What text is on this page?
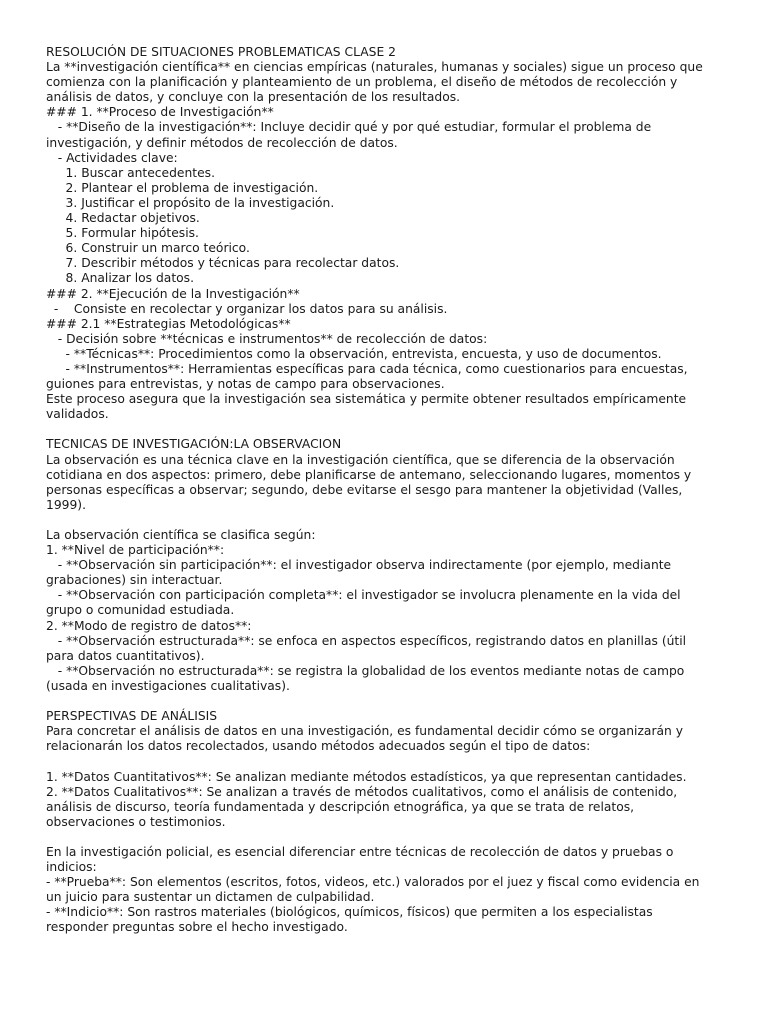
RESOLUCIÓN DE SITUACIONES PROBLEMATICAS CLASE 2
La **investigación científica** en ciencias empíricas (naturales, humanas y sociales) sigue un proceso que
comienza con la planificación y planteamiento de un problema, el diseño de métodos de recolección y
análisis de datos, y concluye con la presentación de los resultados.
### 1. **Proceso de Investigación**
- **Diseño de la investigación**: Incluye decidir qué y por qué estudiar, formular el problema de
investigación, y definir métodos de recolección de datos.
- Actividades clave:
1. Buscar antecedentes.
2. Plantear el problema de investigación.
3. Justificar el propósito de la investigación.
4. Redactar objetivos.
5. Formular hipótesis.
6. Construir un marco teórico.
7. Describir métodos y técnicas para recolectar datos.
8. Analizar los datos.
### 2. **Ejecución de la Investigación**
-    Consiste en recolectar y organizar los datos para su análisis.
### 2.1 **Estrategias Metodológicas**
- Decisión sobre **técnicas e instrumentos** de recolección de datos:
- **Técnicas**: Procedimientos como la observación, entrevista, encuesta, y uso de documentos.
- **Instrumentos**: Herramientas específicas para cada técnica, como cuestionarios para encuestas,
guiones para entrevistas, y notas de campo para observaciones.
Este proceso asegura que la investigación sea sistemática y permite obtener resultados empíricamente
validados.
TECNICAS DE INVESTIGACIÓN:LA OBSERVACION
La observación es una técnica clave en la investigación científica, que se diferencia de la observación
cotidiana en dos aspectos: primero, debe planificarse de antemano, seleccionando lugares, momentos y
personas específicas a observar; segundo, debe evitarse el sesgo para mantener la objetividad (Valles,
1999).
La observación científica se clasifica según:
1. **Nivel de participación**:
- **Observación sin participación**: el investigador observa indirectamente (por ejemplo, mediante
grabaciones) sin interactuar.
- **Observación con participación completa**: el investigador se involucra plenamente en la vida del
grupo o comunidad estudiada.
2. **Modo de registro de datos**:
- **Observación estructurada**: se enfoca en aspectos específicos, registrando datos en planillas (útil
para datos cuantitativos).
- **Observación no estructurada**: se registra la globalidad de los eventos mediante notas de campo
(usada en investigaciones cualitativas).
PERSPECTIVAS DE ANÁLISIS
Para concretar el análisis de datos en una investigación, es fundamental decidir cómo se organizarán y
relacionarán los datos recolectados, usando métodos adecuados según el tipo de datos:
1. **Datos Cuantitativos**: Se analizan mediante métodos estadísticos, ya que representan cantidades.
2. **Datos Cualitativos**: Se analizan a través de métodos cualitativos, como el análisis de contenido,
análisis de discurso, teoría fundamentada y descripción etnográfica, ya que se trata de relatos,
observaciones o testimonios.
En la investigación policial, es esencial diferenciar entre técnicas de recolección de datos y pruebas o
indicios:
- **Prueba**: Son elementos (escritos, fotos, videos, etc.) valorados por el juez y fiscal como evidencia en
un juicio para sustentar un dictamen de culpabilidad.
- **Indicio**: Son rastros materiales (biológicos, químicos, físicos) que permiten a los especialistas
responder preguntas sobre el hecho investigado.
